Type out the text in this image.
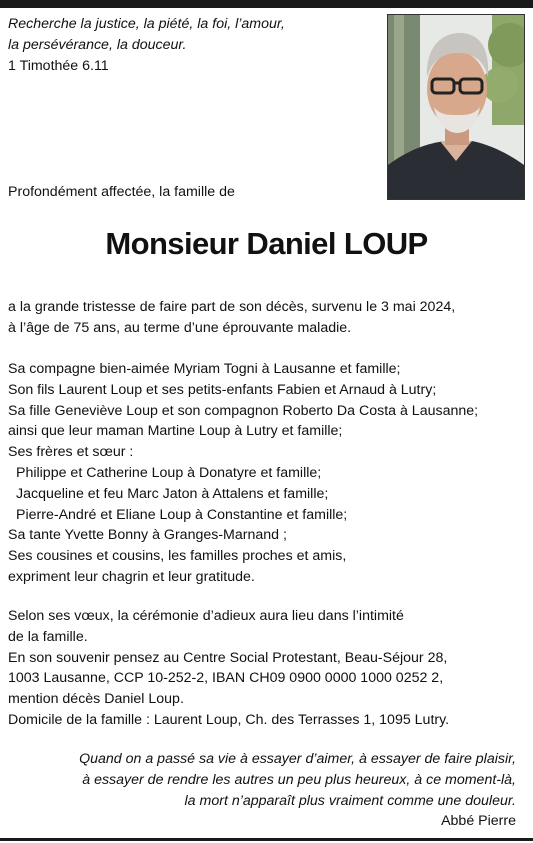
Recherche la justice, la piété, la foi, l’amour,
la persévérance, la douceur.
1 Timothée 6.11
Profondément affectée, la famille de
Monsieur Daniel LOUP
a la grande tristesse de faire part de son décès, survenu le 3 mai 2024,
à l’âge de 75 ans, au terme d’une éprouvante maladie.
Sa compagne bien-aimée Myriam Togni à Lausanne et famille;
Son fils Laurent Loup et ses petits-enfants Fabien et Arnaud à Lutry;
Sa fille Geneviève Loup et son compagnon Roberto Da Costa à Lausanne;
ainsi que leur maman Martine Loup à Lutry et famille;
Ses frères et sœur :
Philippe et Catherine Loup à Donatyre et famille;
Jacqueline et feu Marc Jaton à Attalens et famille;
Pierre-André et Eliane Loup à Constantine et famille;
Sa tante Yvette Bonny à Granges-Marnand ;
Ses cousines et cousins, les familles proches et amis,
expriment leur chagrin et leur gratitude.
Selon ses vœux, la cérémonie d’adieux aura lieu dans l’intimité
de la famille.
En son souvenir pensez au Centre Social Protestant, Beau-Séjour 28,
1003 Lausanne, CCP 10-252-2, IBAN CH09 0900 0000 1000 0252 2,
mention décès Daniel Loup.
Domicile de la famille : Laurent Loup, Ch. des Terrasses 1, 1095 Lutry.
Quand on a passé sa vie à essayer d’aimer, à essayer de faire plaisir,
à essayer de rendre les autres un peu plus heureux, à ce moment-là,
la mort n’apparaît plus vraiment comme une douleur.
Abbé Pierre
